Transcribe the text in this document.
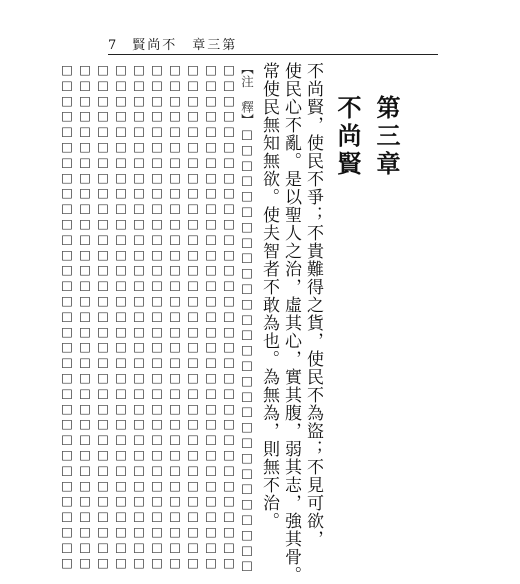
7 賢尚不　章三第
第三章
不尚賢
不尚賢，使民不爭；不貴難得之貨，使民不為盜；不見可欲，
使民心不亂。是以聖人之治，虛其心，實其腹，弱其志，強其骨。
常使民無知無欲。使夫智者不敢為也。為無為，則無不治。
【注　釋】□□□□□□□□□□□□□□□□□□□□□□□□□□□□□
□□□□□□□□□□□□□□□□□□□□□□□□□□□□□□□□□
□□□□□□□□□□□□□□□□□□□□□□□□□□□□□□□□□
□□□□□□□□□□□□□□□□□□□□□□□□□□□□□□□□□
□□□□□□□□□□□□□□□□□□□□□□□□□□□□□□□□□
□□□□□□□□□□□□□□□□□□□□□□□□□□□□□□□□□
□□□□□□□□□□□□□□□□□□□□□□□□□□□□□□□□□
□□□□□□□□□□□□□□□□□□□□□□□□□□□□□□□□□
□□□□□□□□□□□□□□□□□□□□□□□□□□□□□□□□□
□□□□□□□□□□□□□□□□□□□□□□□□□□□□□□□□□
□□□□□□□□□□□□□□□□□□□□□□□□□□□□□□□□□
